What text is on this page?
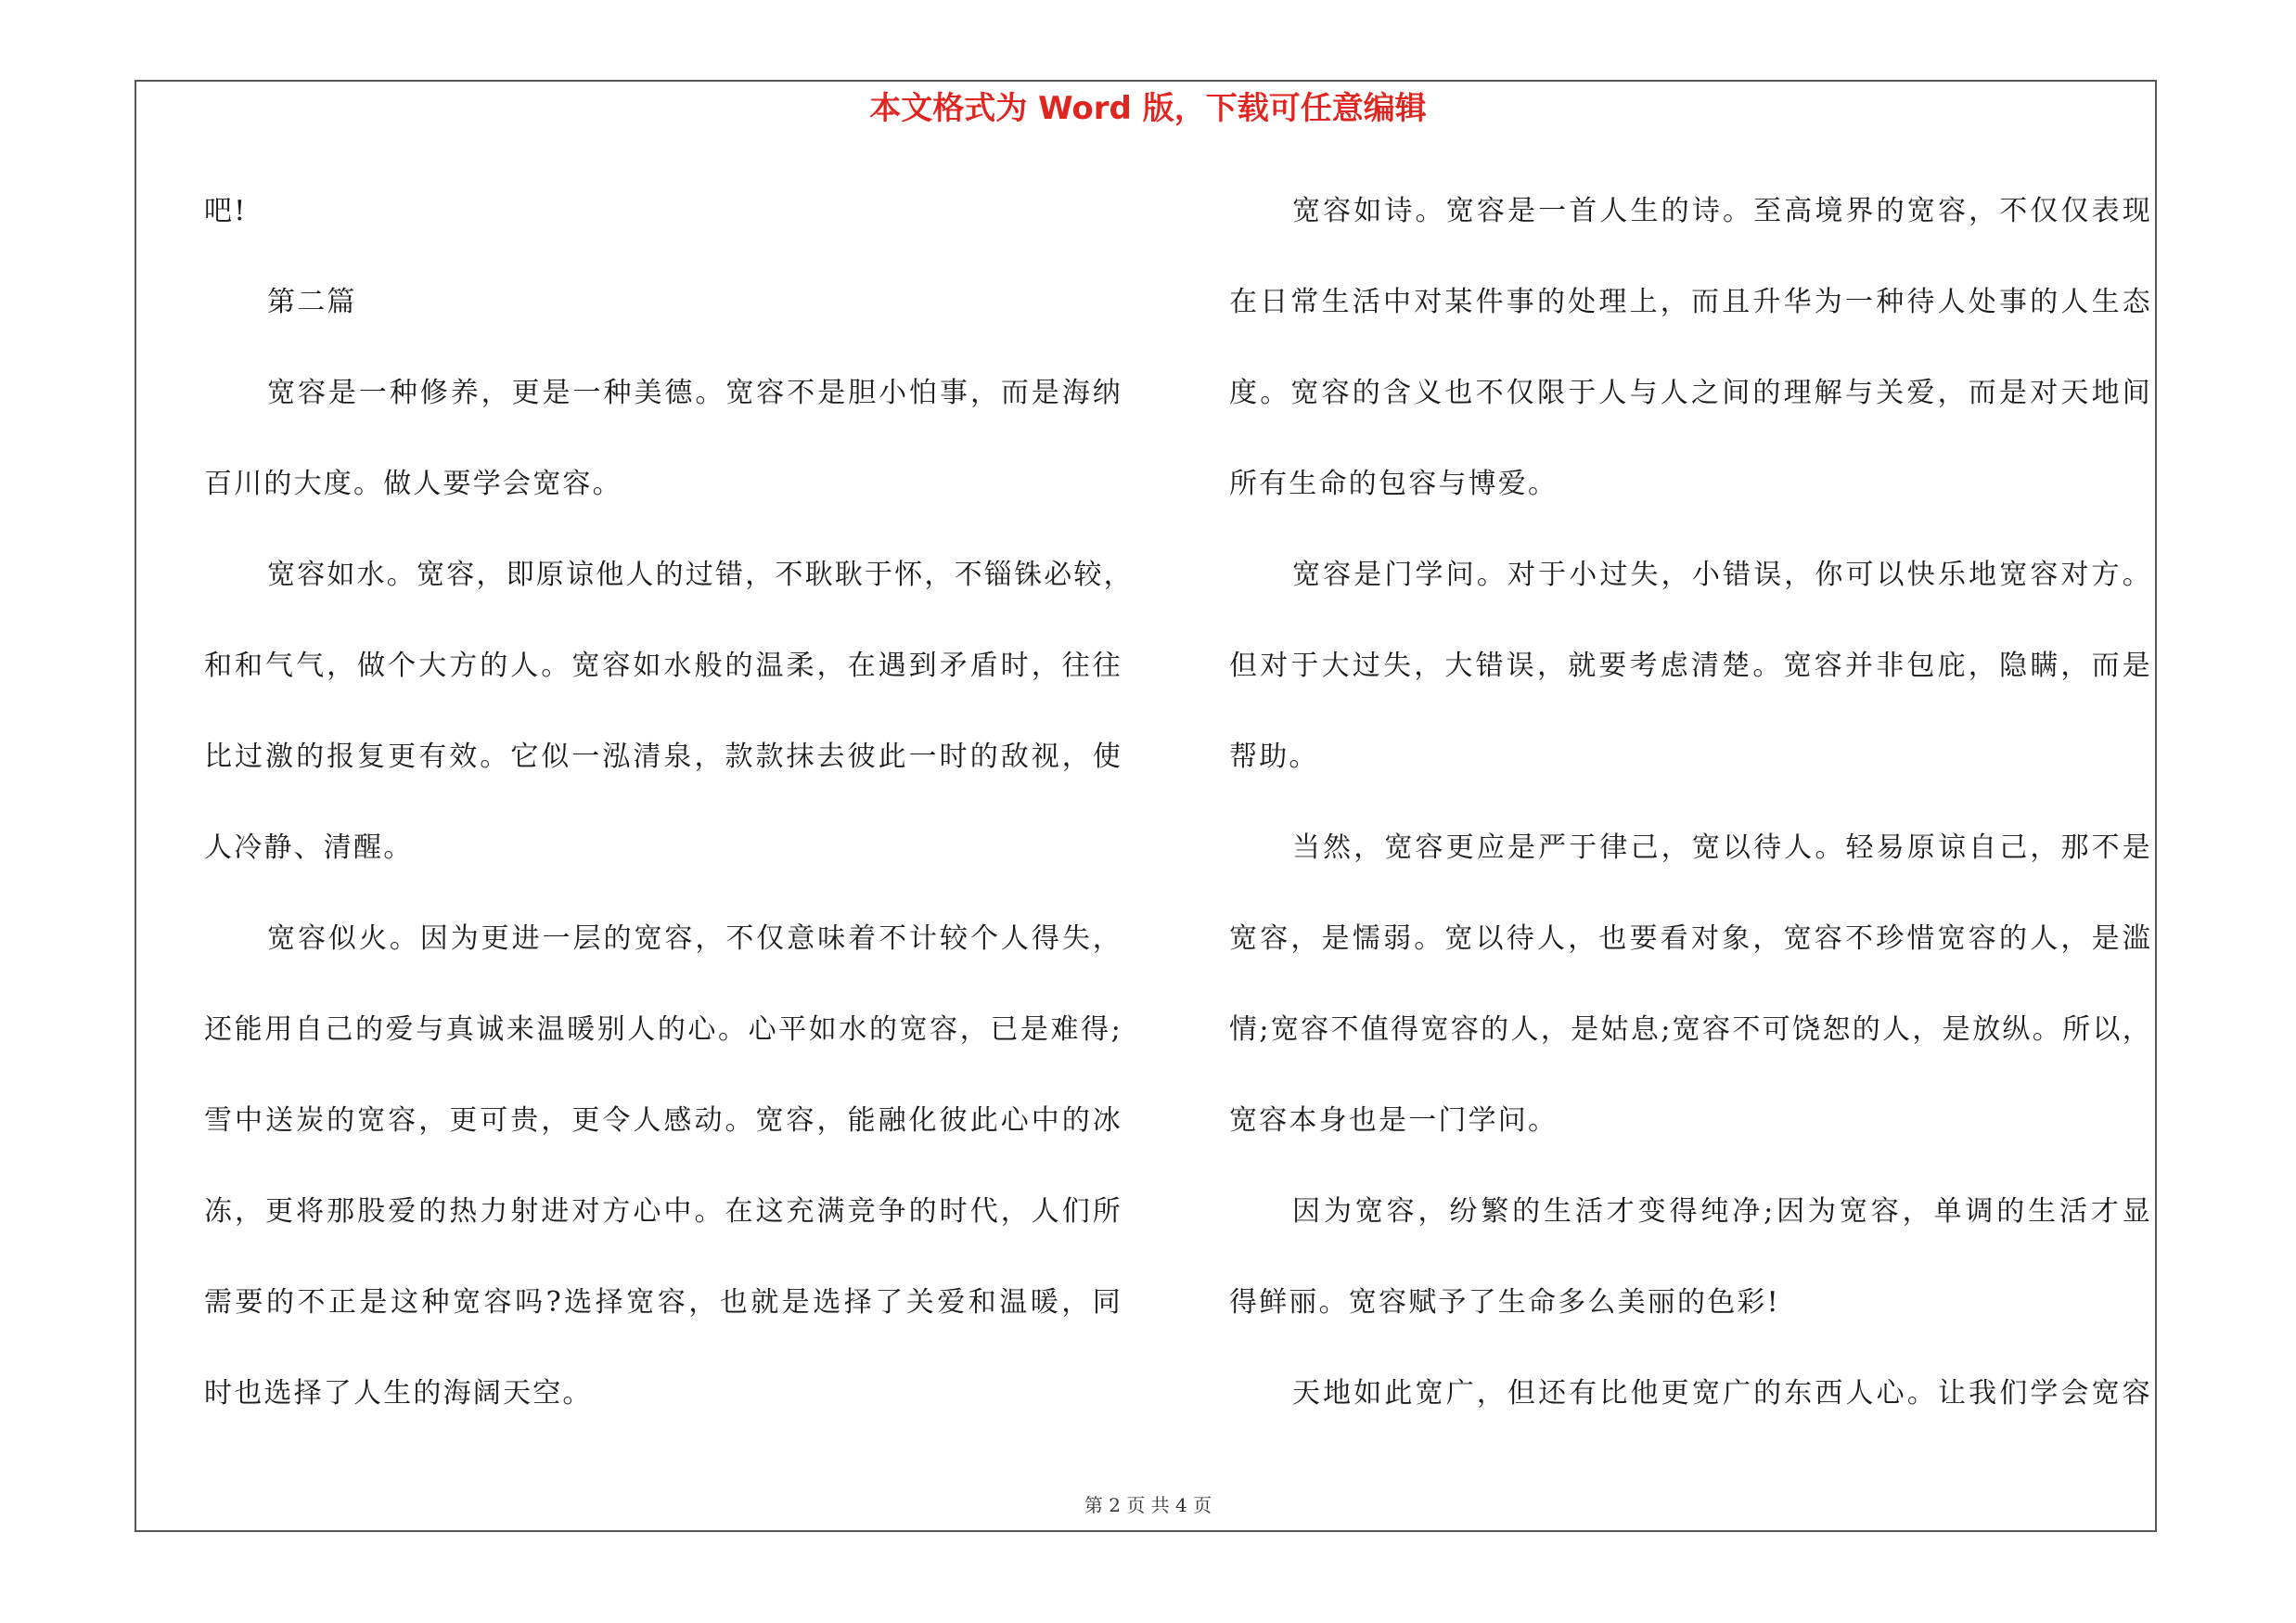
本文格式为 Word 版，下载可任意编辑
吧!
第二篇
宽容是一种修养，更是一种美德。宽容不是胆小怕事，而是海纳
百川的大度。做人要学会宽容。
宽容如水。宽容，即原谅他人的过错，不耿耿于怀，不锱铢必较，
和和气气，做个大方的人。宽容如水般的温柔，在遇到矛盾时，往往
比过激的报复更有效。它似一泓清泉，款款抹去彼此一时的敌视，使
人冷静、清醒。
宽容似火。因为更进一层的宽容，不仅意味着不计较个人得失，
还能用自己的爱与真诚来温暖别人的心。心平如水的宽容，已是难得;
雪中送炭的宽容，更可贵，更令人感动。宽容，能融化彼此心中的冰
冻，更将那股爱的热力射进对方心中。在这充满竞争的时代，人们所
需要的不正是这种宽容吗?选择宽容，也就是选择了关爱和温暖，同
时也选择了人生的海阔天空。
宽容如诗。宽容是一首人生的诗。至高境界的宽容，不仅仅表现
在日常生活中对某件事的处理上，而且升华为一种待人处事的人生态
度。宽容的含义也不仅限于人与人之间的理解与关爱，而是对天地间
所有生命的包容与博爱。
宽容是门学问。对于小过失，小错误，你可以快乐地宽容对方。
但对于大过失，大错误，就要考虑清楚。宽容并非包庇，隐瞒，而是
帮助。
当然，宽容更应是严于律己，宽以待人。轻易原谅自己，那不是
宽容，是懦弱。宽以待人，也要看对象，宽容不珍惜宽容的人，是滥
情;宽容不值得宽容的人，是姑息;宽容不可饶恕的人，是放纵。所以，
宽容本身也是一门学问。
因为宽容，纷繁的生活才变得纯净;因为宽容，单调的生活才显
得鲜丽。宽容赋予了生命多么美丽的色彩!
天地如此宽广，但还有比他更宽广的东西人心。让我们学会宽容
第 2 页 共 4 页
